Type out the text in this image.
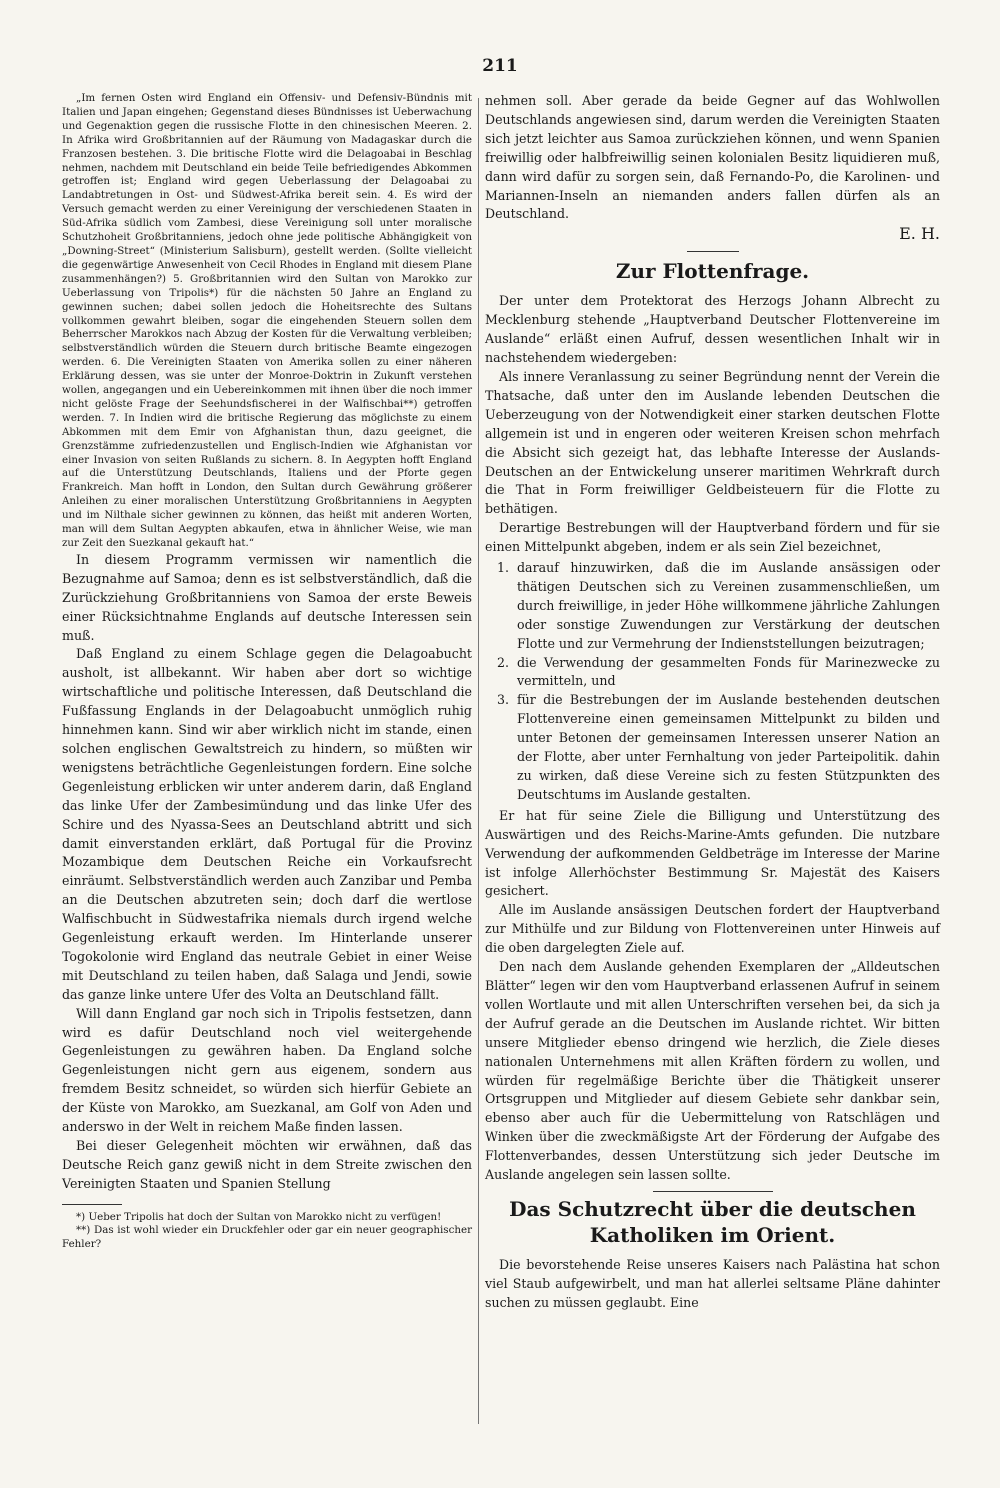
211

„Im fernen Osten wird England ein Offensiv- und Defensiv-Bündnis mit Italien und Japan eingehen; Gegenstand dieses Bündnisses ist Ueberwachung und Gegenaktion gegen die russische Flotte in den chinesischen Meeren. 2. In Afrika wird Großbritannien auf der Räumung von Madagaskar durch die Franzosen bestehen. 3. Die britische Flotte wird die Delagoabai in Beschlag nehmen, nachdem mit Deutschland ein beide Teile befriedigendes Abkommen getroffen ist; England wird gegen Ueberlassung der Delagoabai zu Landabtretungen in Ost- und Südwest-Afrika bereit sein. 4. Es wird der Versuch gemacht werden zu einer Vereinigung der verschiedenen Staaten in Süd-Afrika südlich vom Zambesi, diese Vereinigung soll unter moralische Schutzhoheit Großbritanniens, jedoch ohne jede politische Abhängigkeit von „Downing-Street“ (Ministerium Salisburn), gestellt werden. (Sollte vielleicht die gegenwärtige Anwesenheit von Cecil Rhodes in England mit diesem Plane zusammenhängen?) 5. Großbritannien wird den Sultan von Marokko zur Ueberlassung von Tripolis*) für die nächsten 50 Jahre an England zu gewinnen suchen; dabei sollen jedoch die Hoheitsrechte des Sultans vollkommen gewahrt bleiben, sogar die eingehenden Steuern sollen dem Beherrscher Marokkos nach Abzug der Kosten für die Verwaltung verbleiben; selbstverständlich würden die Steuern durch britische Beamte eingezogen werden. 6. Die Vereinigten Staaten von Amerika sollen zu einer näheren Erklärung dessen, was sie unter der Monroe-Doktrin in Zukunft verstehen wollen, angegangen und ein Uebereinkommen mit ihnen über die noch immer nicht gelöste Frage der Seehundsfischerei in der Walfischbai**) getroffen werden. 7. In Indien wird die britische Regierung das möglichste zu einem Abkommen mit dem Emir von Afghanistan thun, dazu geeignet, die Grenzstämme zufriedenzustellen und Englisch-Indien wie Afghanistan vor einer Invasion von seiten Rußlands zu sichern. 8. In Aegypten hofft England auf die Unterstützung Deutschlands, Italiens und der Pforte gegen Frankreich. Man hofft in London, den Sultan durch Gewährung größerer Anleihen zu einer moralischen Unterstützung Großbritanniens in Aegypten und im Nilthale sicher gewinnen zu können, das heißt mit anderen Worten, man will dem Sultan Aegypten abkaufen, etwa in ähnlicher Weise, wie man zur Zeit den Suezkanal gekauft hat.“

In diesem Programm vermissen wir namentlich die Bezugnahme auf Samoa; denn es ist selbstverständlich, daß die Zurückziehung Großbritanniens von Samoa der erste Beweis einer Rücksichtnahme Englands auf deutsche Interessen sein muß.

Daß England zu einem Schlage gegen die Delagoabucht ausholt, ist allbekannt. Wir haben aber dort so wichtige wirtschaftliche und politische Interessen, daß Deutschland die Fußfassung Englands in der Delagoabucht unmöglich ruhig hinnehmen kann. Sind wir aber wirklich nicht im stande, einen solchen englischen Gewaltstreich zu hindern, so müßten wir wenigstens beträchtliche Gegenleistungen fordern. Eine solche Gegenleistung erblicken wir unter anderem darin, daß England das linke Ufer der Zambesimündung und das linke Ufer des Schire und des Nyassa-Sees an Deutschland abtritt und sich damit einverstanden erklärt, daß Portugal für die Provinz Mozambique dem Deutschen Reiche ein Vorkaufsrecht einräumt. Selbstverständlich werden auch Zanzibar und Pemba an die Deutschen abzutreten sein; doch darf die wertlose Walfischbucht in Südwestafrika niemals durch irgend welche Gegenleistung erkauft werden. Im Hinterlande unserer Togokolonie wird England das neutrale Gebiet in einer Weise mit Deutschland zu teilen haben, daß Salaga und Jendi, sowie das ganze linke untere Ufer des Volta an Deutschland fällt.

Will dann England gar noch sich in Tripolis festsetzen, dann wird es dafür Deutschland noch viel weitergehende Gegenleistungen zu gewähren haben. Da England solche Gegenleistungen nicht gern aus eigenem, sondern aus fremdem Besitz schneidet, so würden sich hierfür Gebiete an der Küste von Marokko, am Suezkanal, am Golf von Aden und anderswo in der Welt in reichem Maße finden lassen.

Bei dieser Gelegenheit möchten wir erwähnen, daß das Deutsche Reich ganz gewiß nicht in dem Streite zwischen den Vereinigten Staaten und Spanien Stellung

*) Ueber Tripolis hat doch der Sultan von Marokko nicht zu verfügen!

**) Das ist wohl wieder ein Druckfehler oder gar ein neuer geographischer Fehler?

nehmen soll. Aber gerade da beide Gegner auf das Wohlwollen Deutschlands angewiesen sind, darum werden die Vereinigten Staaten sich jetzt leichter aus Samoa zurückziehen können, und wenn Spanien freiwillig oder halbfreiwillig seinen kolonialen Besitz liquidieren muß, dann wird dafür zu sorgen sein, daß Fernando-Po, die Karolinen- und Mariannen-Inseln an niemanden anders fallen dürfen als an Deutschland.

E. H.
Zur Flottenfrage.

Der unter dem Protektorat des Herzogs Johann Albrecht zu Mecklenburg stehende „Hauptverband Deutscher Flottenvereine im Auslande“ erläßt einen Aufruf, dessen wesentlichen Inhalt wir in nachstehendem wiedergeben:

Als innere Veranlassung zu seiner Begründung nennt der Verein die Thatsache, daß unter den im Auslande lebenden Deutschen die Ueberzeugung von der Notwendigkeit einer starken deutschen Flotte allgemein ist und in engeren oder weiteren Kreisen schon mehrfach die Absicht sich gezeigt hat, das lebhafte Interesse der Auslands-Deutschen an der Entwickelung unserer maritimen Wehrkraft durch die That in Form freiwilliger Geldbeisteuern für die Flotte zu bethätigen.

Derartige Bestrebungen will der Hauptverband fördern und für sie einen Mittelpunkt abgeben, indem er als sein Ziel bezeichnet,

1. darauf hinzuwirken, daß die im Auslande ansässigen oder thätigen Deutschen sich zu Vereinen zusammenschließen, um durch freiwillige, in jeder Höhe willkommene jährliche Zahlungen oder sonstige Zuwendungen zur Verstärkung der deutschen Flotte und zur Vermehrung der Indienststellungen beizutragen;
2. die Verwendung der gesammelten Fonds für Marinezwecke zu vermitteln, und
3. für die Bestrebungen der im Auslande bestehenden deutschen Flottenvereine einen gemeinsamen Mittelpunkt zu bilden und unter Betonen der gemeinsamen Interessen unserer Nation an der Flotte, aber unter Fernhaltung von jeder Parteipolitik. dahin zu wirken, daß diese Vereine sich zu festen Stützpunkten des Deutschtums im Auslande gestalten.

Er hat für seine Ziele die Billigung und Unterstützung des Auswärtigen und des Reichs-Marine-Amts gefunden. Die nutzbare Verwendung der aufkommenden Geldbeträge im Interesse der Marine ist infolge Allerhöchster Bestimmung Sr. Majestät des Kaisers gesichert.

Alle im Auslande ansässigen Deutschen fordert der Hauptverband zur Mithülfe und zur Bildung von Flottenvereinen unter Hinweis auf die oben dargelegten Ziele auf.

Den nach dem Auslande gehenden Exemplaren der „Alldeutschen Blätter“ legen wir den vom Hauptverband erlassenen Aufruf in seinem vollen Wortlaute und mit allen Unterschriften versehen bei, da sich ja der Aufruf gerade an die Deutschen im Auslande richtet. Wir bitten unsere Mitglieder ebenso dringend wie herzlich, die Ziele dieses nationalen Unternehmens mit allen Kräften fördern zu wollen, und würden für regelmäßige Berichte über die Thätigkeit unserer Ortsgruppen und Mitglieder auf diesem Gebiete sehr dankbar sein, ebenso aber auch für die Uebermittelung von Ratschlägen und Winken über die zweckmäßigste Art der Förderung der Aufgabe des Flottenverbandes, dessen Unterstützung sich jeder Deutsche im Auslande angelegen sein lassen sollte.

Das Schutzrecht über die deutschen Katholiken im Orient.

Die bevorstehende Reise unseres Kaisers nach Palästina hat schon viel Staub aufgewirbelt, und man hat allerlei seltsame Pläne dahinter suchen zu müssen geglaubt. Eine
